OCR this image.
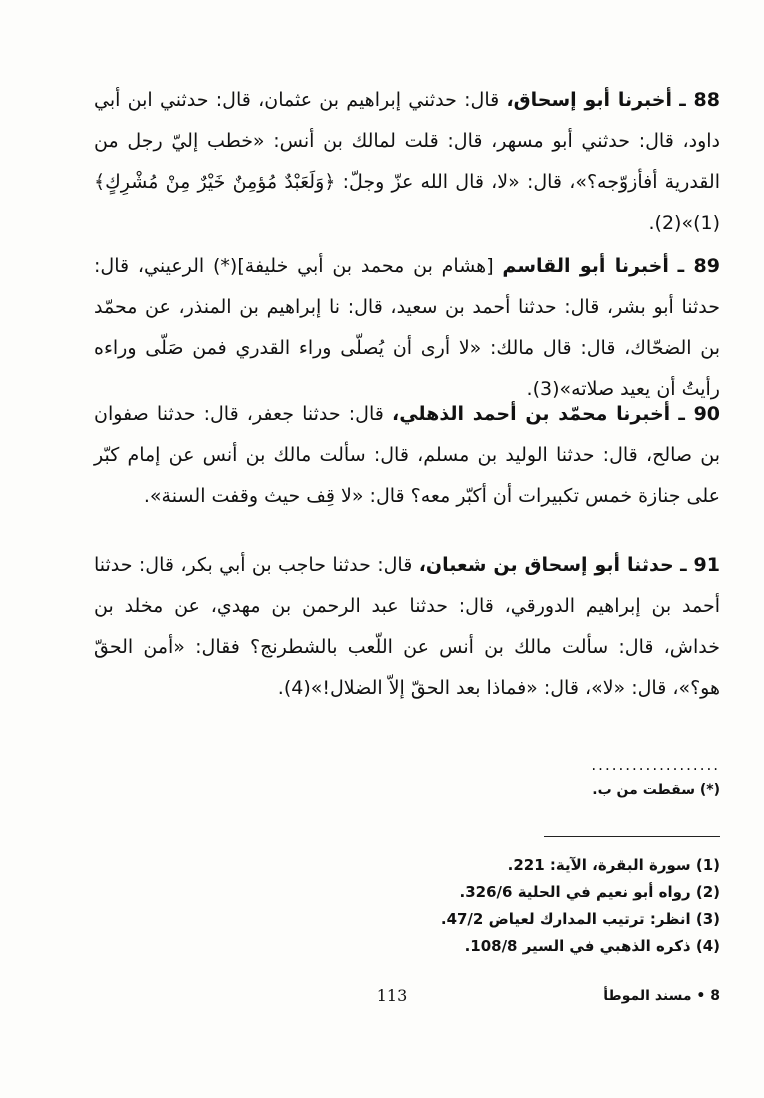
88 ـ أخبرنا أبو إسحاق، قال: حدثني إبراهيم بن عثمان، قال: حدثني ابن أبي داود، قال: حدثني أبو مسهر، قال: قلت لمالك بن أنس: «خطب إليّ رجل من القدرية أفأزوّجه؟»، قال: «لا، قال الله عزّ وجلّ: ﴿وَلَعَبْدٌ مُؤمِنٌ خَيْرٌ مِنْ مُشْرِكٍ﴾(1)»(2).

89 ـ أخبرنا أبو القاسم [هشام بن محمد بن أبي خليفة](*) الرعيني، قال: حدثنا أبو بشر، قال: حدثنا أحمد بن سعيد، قال: نا إبراهيم بن المنذر، عن محمّد بن الضحّاك، قال: قال مالك: «لا أرى أن يُصلّى وراء القدري فمن صَلّى وراءه رأيتُ أن يعيد صلاته»(3).

90 ـ أخبرنا محمّد بن أحمد الذهلي، قال: حدثنا جعفر، قال: حدثنا صفوان بن صالح، قال: حدثنا الوليد بن مسلم، قال: سألت مالك بن أنس عن إمام كبّر على جنازة خمس تكبيرات أن أكبّر معه؟ قال: «لا قِف حيث وقفت السنة».

91 ـ حدثنا أبو إسحاق بن شعبان، قال: حدثنا حاجب بن أبي بكر، قال: حدثنا أحمد بن إبراهيم الدورقي، قال: حدثنا عبد الرحمن بن مهدي، عن مخلد بن خداش، قال: سألت مالك بن أنس عن اللّعب بالشطرنج؟ فقال: «أمن الحقّ هو؟»، قال: «لا»، قال: «فماذا بعد الحقّ إلاّ الضلال!»(4).

...................
(*) سقطت من ب.
(1) سورة البقرة، الآية: 221.
(2) رواه أبو نعيم في الحلية 326/6.
(3) انظر: ترتيب المدارك لعياض 47/2.
(4) ذكره الذهبي في السير 108/8.
113	8 • مسند الموطأ
